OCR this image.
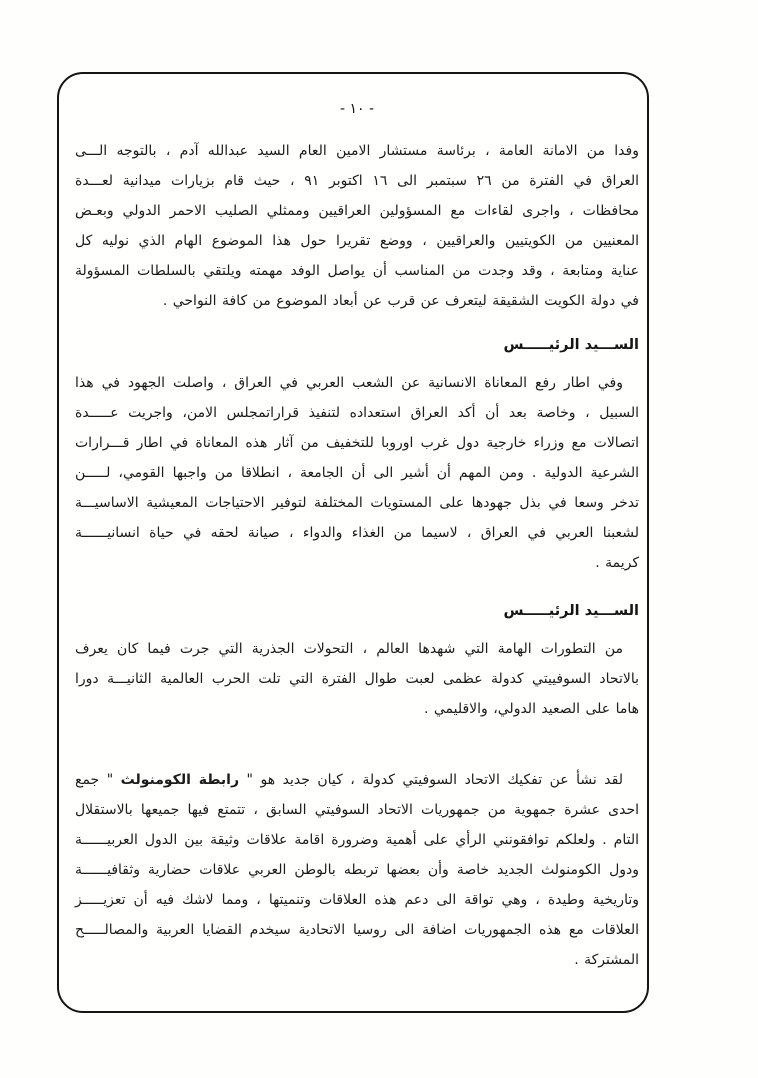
- ١٠ -
وفدا من الامانة العامة ، برئاسة مستشار الامين العام السيد عبدالله آدم ، بالتوجه الـــى
العراق في الفترة من ٢٦ سبتمبر الى ١٦ اكتوبر ٩١ ، حيث قام بزيارات ميدانية لعـــدة
محافظات ، واجرى لقاءات مع المسؤولين العراقيين وممثلي الصليب الاحمر الدولي وبعـض
المعنيين من الكويتيين والعراقيين ، ووضع تقريرا حول هذا الموضوع الهام الذي نوليه كل
عناية ومتابعة ، وقد وجدت من المناسب أن يواصل الوفد مهمته ويلتقي بالسلطات المسؤولة
في دولة الكويت الشقيقة ليتعرف عن قرب عن أبعاد الموضوع من كافة النواحي .
الســـيد الرئيـــــس
وفي اطار رفع المعاناة الانسانية عن الشعب العربي في العراق ، واصلت الجهود في هذا
السبيل ، وخاصة بعد أن أكد العراق استعداده لتنفيذ قراراتمجلس الامن، واجريت عـــــدة
اتصالات مع وزراء خارجية دول غرب اوروبا للتخفيف من آثار هذه المعاناة في اطار قـــرارات
الشرعية الدولية . ومن المهم أن أشير الى أن الجامعة ، انطلاقا من واجبها القومي، لـــــن
تدخر وسعا في بذل جهودها على المستويات المختلفة لتوفير الاحتياجات المعيشية الاساسيـــة
لشعبنا العربي في العراق ، لاسيما من الغذاء والدواء ، صيانة لحقه في حياة انسانيــــــة
كريمة .
الســـيد الرئيـــــس
من التطورات الهامة التي شهدها العالم ، التحولات الجذرية التي جرت فيما كان يعرف
بالاتحاد السوفييتي كدولة عظمى لعبت طوال الفترة التي تلت الحرب العالمية الثانيـــة دورا
هاما على الصعيد الدولي، والاقليمي .
لقد نشأ عن تفكيك الاتحاد السوفيتي كدولة ، كيان جديد هو " رابطة الكومنولث " جمع
احدى عشرة جمهوية من جمهوريات الاتحاد السوفيتي السابق ، تتمتع فيها جميعها بالاستقلال
التام . ولعلكم توافقونني الرأي على أهمية وضرورة اقامة علاقات وثيقة بين الدول العربيــــــة
ودول الكومنولث الجديد خاصة وأن بعضها تربطه بالوطن العربي علاقات حضارية وثقافيــــــة
وتاريخية وطيدة ، وهي تواقة الى دعم هذه العلاقات وتنميتها ، ومما لاشك فيه أن تعزيـــــز
العلاقات مع هذه الجمهوريات اضافة الى روسيا الاتحادية سيخدم القضايا العربية والمصالـــــح
المشتركة .
